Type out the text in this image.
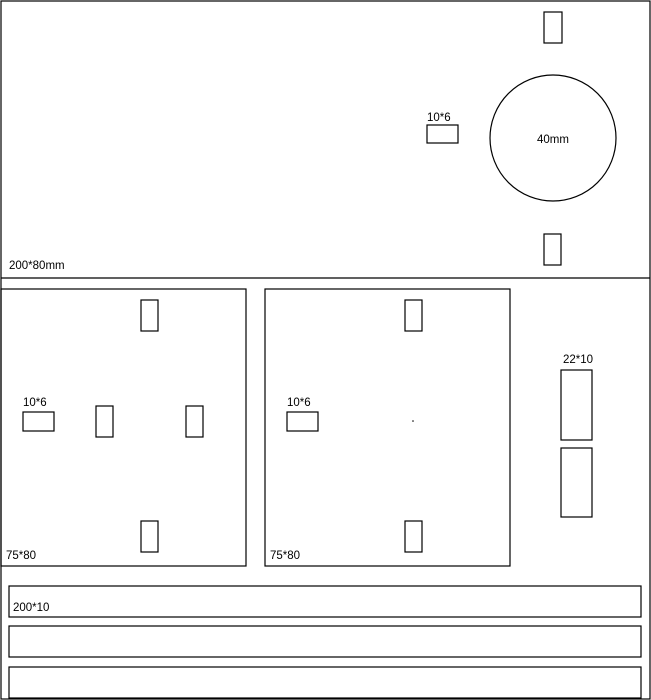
10*6
40mm
200*80mm
10*6
75*80
10*6
75*80
22*10
200*10
